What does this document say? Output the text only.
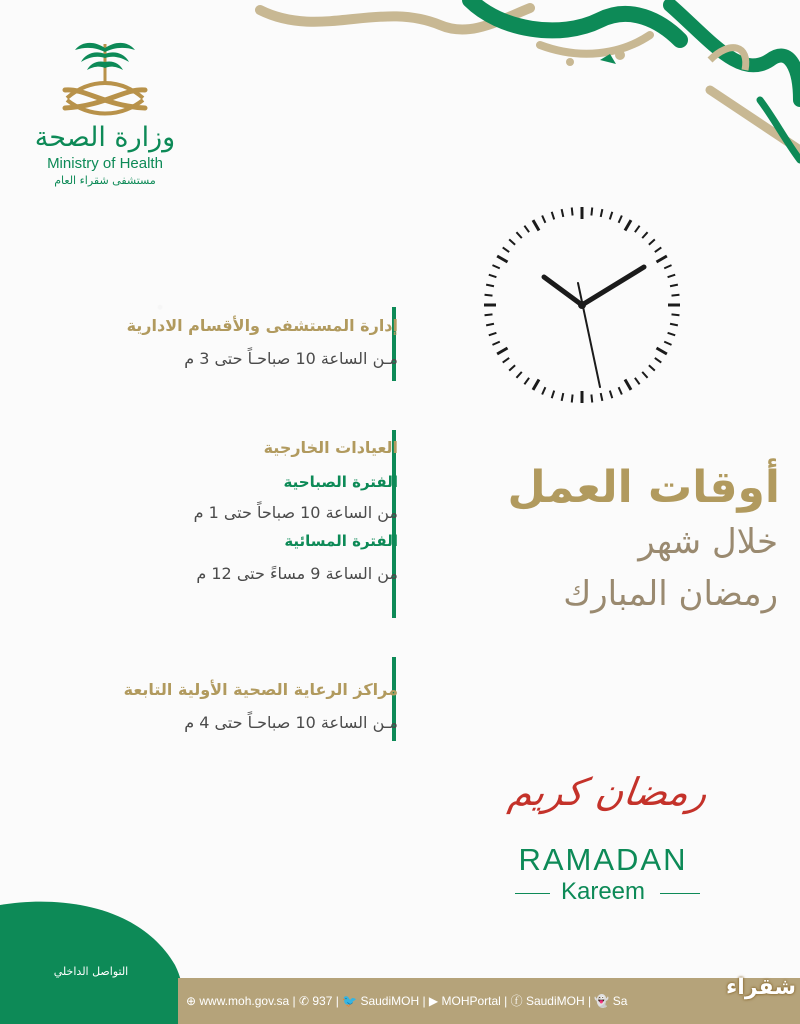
وزارة الصحة
Ministry of Health
مستشفى شقراء العام
إدارة المستشفى والأقسام الادارية
مـن الساعة 10 صباحـاً حتى 3 م
العيادات الخارجية
الفترة الصباحية
من الساعة 10 صباحاً حتى 1 م
الفترة المسائية
من الساعة 9 مساءً حتى 12 م
مراكز الرعاية الصحية الأولية التابعة
مـن الساعة 10 صباحـاً حتى 4 م
أوقات العمل
خلال شهر
رمضان المبارك
رمضان كريم
RAMADAN
Kareem
التواصل الداخلي
⊕ www.moh.gov.sa | ✆ 937 | 🐦 SaudiMOH | ▶ MOHPortal | ⓕ SaudiMOH | 👻 Sa
شقراء
